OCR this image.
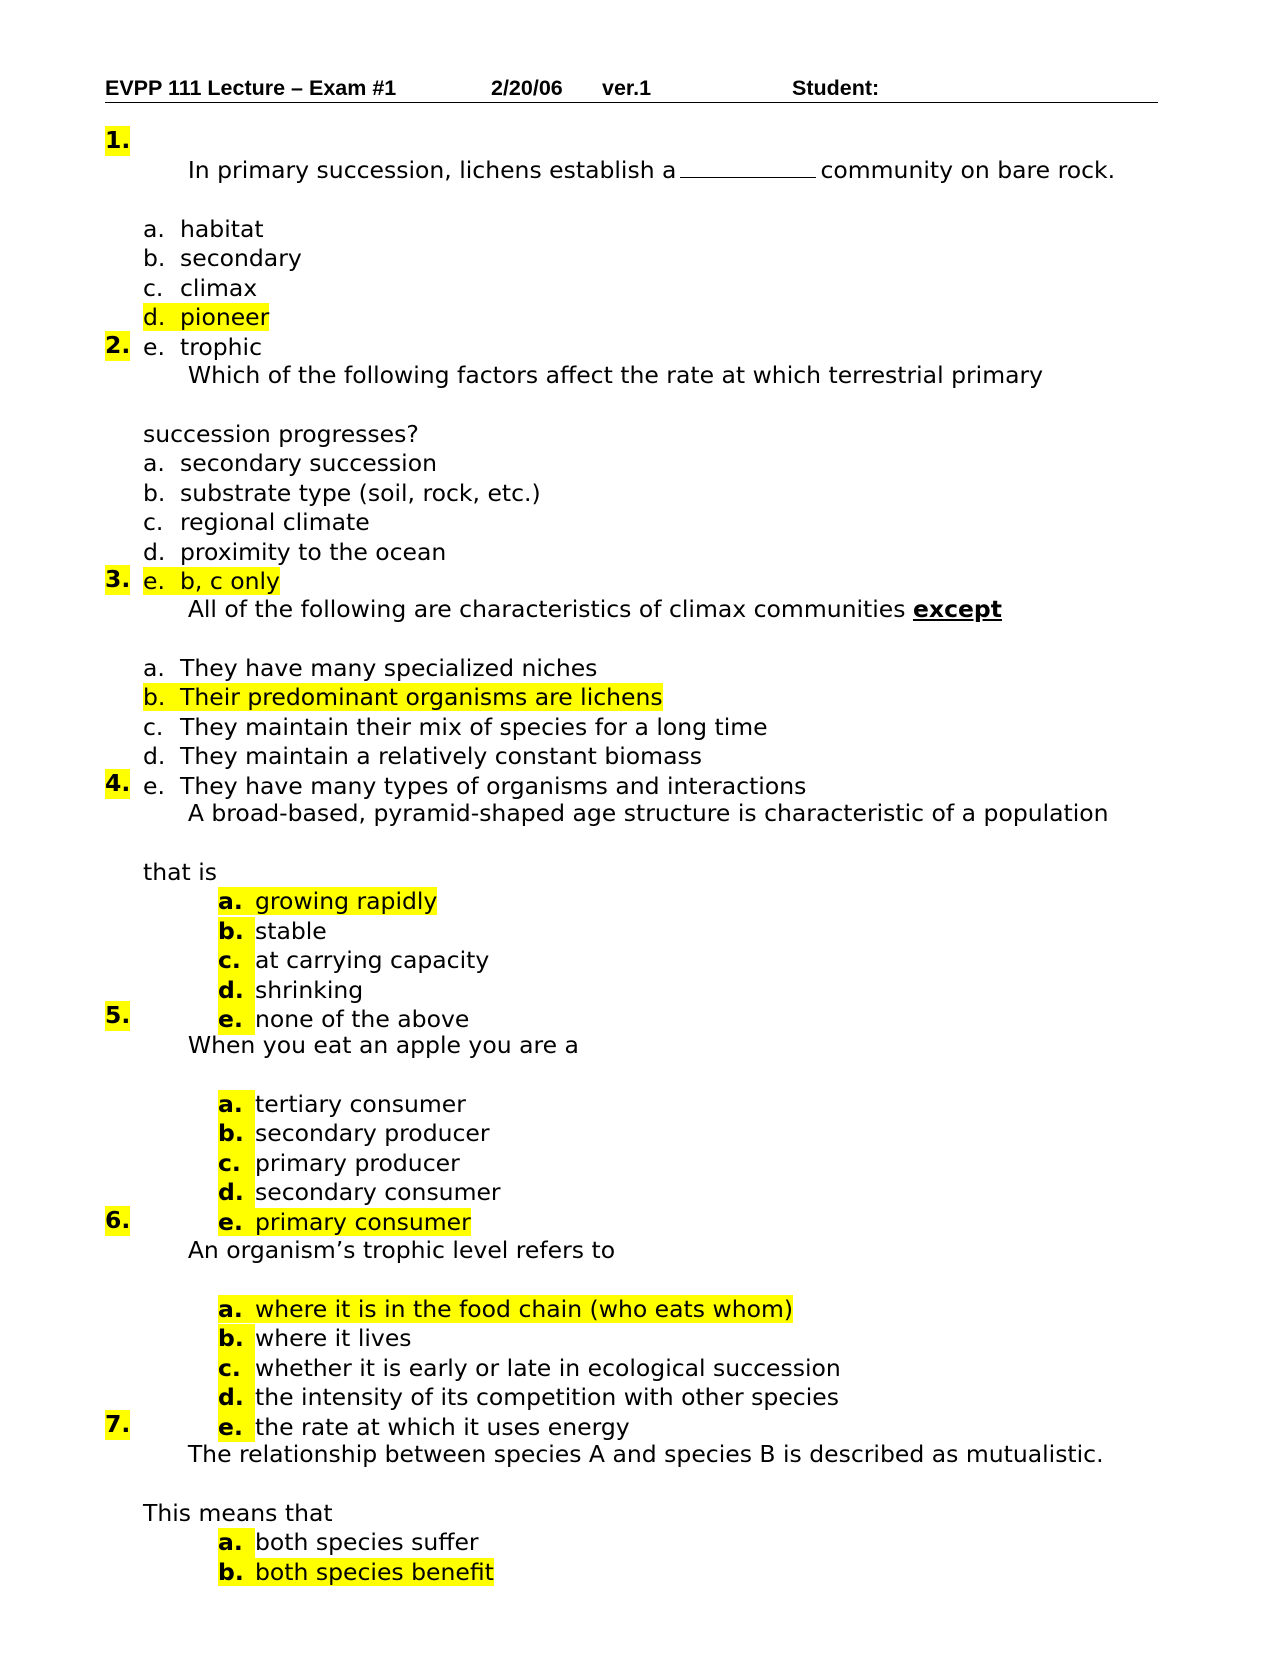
EVPP 111 Lecture – Exam #1	2/20/06 ver.1	Student:

1.
In primary succession, lichens establish a	community on bare rock.

a. habitat
b. secondary
c. climax
d. pioneer
e. trophic

2.
Which of the following factors affect the rate at which terrestrial primary

succession progresses?
a. secondary succession
b. substrate type (soil, rock, etc.)
c. regional climate
d. proximity to the ocean
e. b, c only

3.
All of the following are characteristics of climax communities except

a. They have many specialized niches
b. Their predominant organisms are lichens
c. They maintain their mix of species for a long time
d. They maintain a relatively constant biomass
e. They have many types of organisms and interactions

4.
A broad-based, pyramid-shaped age structure is characteristic of a population

that is
a. growing rapidly
b. stable
c. at carrying capacity
d. shrinking
e. none of the above

5.
When you eat an apple you are a

a. tertiary consumer
b. secondary producer
c. primary producer
d. secondary consumer
e. primary consumer

6.
An organism’s trophic level refers to

a. where it is in the food chain (who eats whom)
b. where it lives
c. whether it is early or late in ecological succession
d. the intensity of its competition with other species
e. the rate at which it uses energy

7.
The relationship between species A and species B is described as mutualistic.

This means that
a. both species suffer
b. both species benefit
